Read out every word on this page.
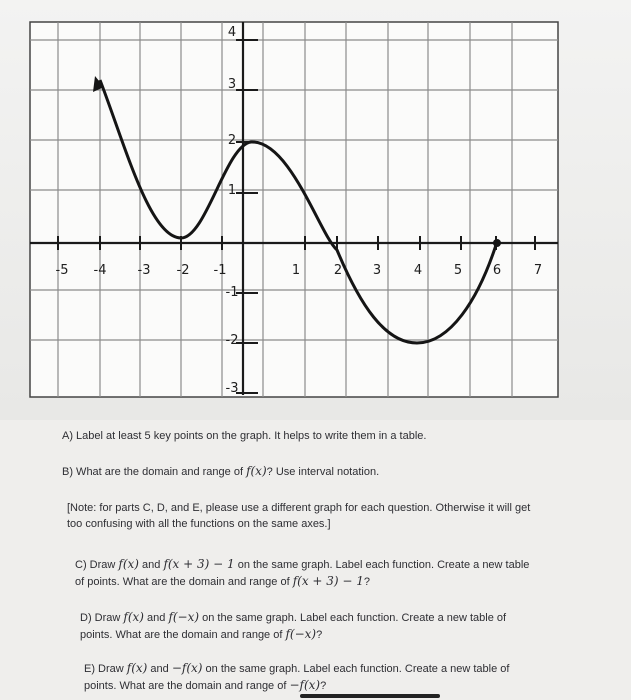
-5 -4 -3 -2 -1	1	2 3	4 5 6	7
4
3
2
1
-1
-2
-3

A) Label at least 5 key points on the graph. It helps to write them in a table.

B) What are the domain and range of f(x)? Use interval notation.

[Note: for parts C, D, and E, please use a different graph for each question. Otherwise it will get
too confusing with all the functions on the same axes.]

C) Draw f(x) and f(x + 3) − 1 on the same graph. Label each function. Create a new table
of points. What are the domain and range of f(x + 3) − 1?

D) Draw f(x) and f(−x) on the same graph. Label each function. Create a new table of
points. What are the domain and range of f(−x)?

E) Draw f(x) and −f(x) on the same graph. Label each function. Create a new table of
points. What are the domain and range of −f(x)?
